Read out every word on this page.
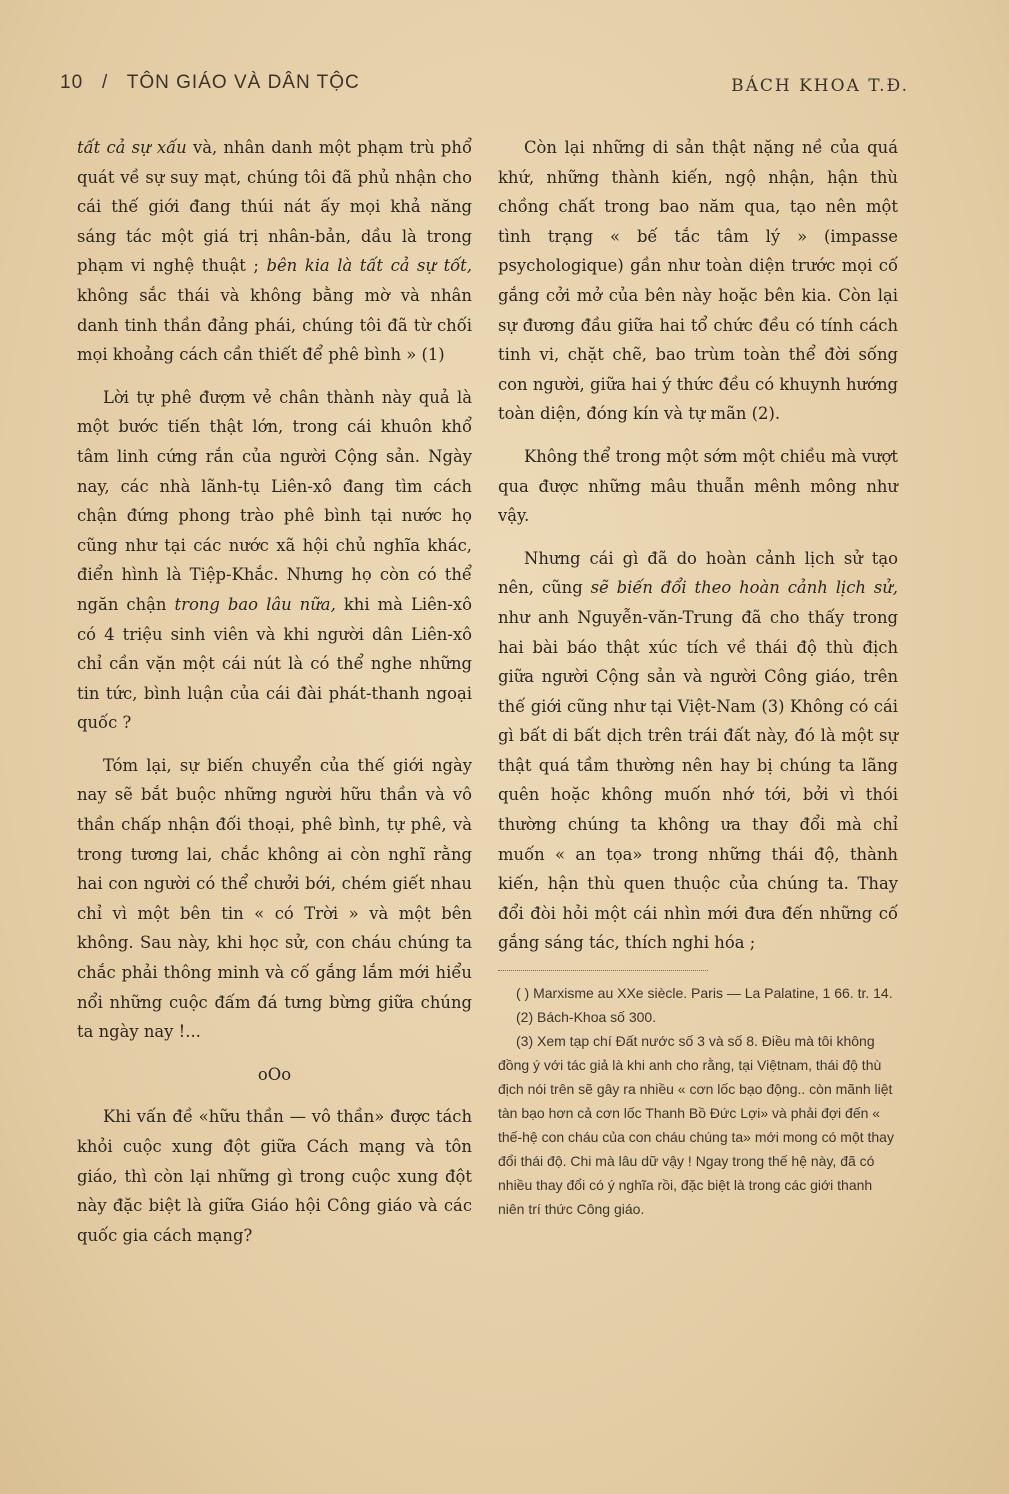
10 / TÔN GIÁO VÀ DÂN TỘC	BÁCH KHOA T.Đ.

tất cả sự xấu và, nhân danh một phạm trù phổ quát về sự suy mạt, chúng tôi đã phủ nhận cho cái thế giới đang thúi nát ấy mọi khả năng sáng tác một giá trị nhân-bản, dầu là trong phạm vi nghệ thuật ; bên kia là tất cả sự tốt, không sắc thái và không bằng mờ và nhân danh tinh thần đảng phái, chúng tôi đã từ chối mọi khoảng cách cần thiết để phê bình » (1)

Lời tự phê đượm vẻ chân thành này quả là một bước tiến thật lớn, trong cái khuôn khổ tâm linh cứng rắn của người Cộng sản. Ngày nay, các nhà lãnh-tụ Liên-xô đang tìm cách chận đứng phong trào phê bình tại nước họ cũng như tại các nước xã hội chủ nghĩa khác, điển hình là Tiệp-Khắc. Nhưng họ còn có thể ngăn chận trong bao lâu nữa, khi mà Liên-xô có 4 triệu sinh viên và khi người dân Liên-xô chỉ cần vặn một cái nút là có thể nghe những tin tức, bình luận của cái đài phát-thanh ngoại quốc ?

Tóm lại, sự biến chuyển của thế giới ngày nay sẽ bắt buộc những người hữu thần và vô thần chấp nhận đối thoại, phê bình, tự phê, và trong tương lai, chắc không ai còn nghĩ rằng hai con người có thể chưởi bới, chém giết nhau chỉ vì một bên tin « có Trời » và một bên không. Sau này, khi học sử, con cháu chúng ta chắc phải thông minh và cố gắng lắm mới hiểu nổi những cuộc đấm đá tưng bừng giữa chúng ta ngày nay !...

oOo

Khi vấn đề «hữu thần — vô thần» được tách khỏi cuộc xung đột giữa Cách mạng và tôn giáo, thì còn lại những gì trong cuộc xung đột này đặc biệt là giữa Giáo hội Công giáo và các quốc gia cách mạng?

Còn lại những di sản thật nặng nề của quá khứ, những thành kiến, ngộ nhận, hận thù chồng chất trong bao năm qua, tạo nên một tình trạng « bế tắc tâm lý » (impasse psychologique) gần như toàn diện trước mọi cố gắng cởi mở của bên này hoặc bên kia. Còn lại sự đương đầu giữa hai tổ chức đều có tính cách tinh vi, chặt chẽ, bao trùm toàn thể đời sống con người, giữa hai ý thức đều có khuynh hướng toàn diện, đóng kín và tự mãn (2).

Không thể trong một sớm một chiều mà vượt qua được những mâu thuẫn mênh mông như vậy.

Nhưng cái gì đã do hoàn cảnh lịch sử tạo nên, cũng sẽ biến đổi theo hoàn cảnh lịch sử, như anh Nguyễn-văn-Trung đã cho thấy trong hai bài báo thật xúc tích về thái độ thù địch giữa người Cộng sản và người Công giáo, trên thế giới cũng như tại Việt-Nam (3) Không có cái gì bất di bất dịch trên trái đất này, đó là một sự thật quá tầm thường nên hay bị chúng ta lãng quên hoặc không muốn nhớ tới, bởi vì thói thường chúng ta không ưa thay đổi mà chỉ muốn « an tọa» trong những thái độ, thành kiến, hận thù quen thuộc của chúng ta. Thay đổi đòi hỏi một cái nhìn mới đưa đến những cố gắng sáng tác, thích nghi hóa ;

( ) Marxisme au XXe siècle. Paris — La Palatine, 1 66. tr. 14.

(2) Bách-Khoa số 300.

(3) Xem tạp chí Đất nước số 3 và số 8. Điều mà tôi không đồng ý với tác giả là khi anh cho rằng, tại Việtnam, thái độ thù địch nói trên sẽ gây ra nhiều « cơn lốc bạo động.. còn mãnh liệt tàn bạo hơn cả cơn lốc Thanh Bồ Đức Lợi» và phải đợi đến « thế-hệ con cháu của con cháu chúng ta» mới mong có một thay đổi thái độ. Chi mà lâu dữ vậy ! Ngay trong thế hệ này, đã có nhiều thay đổi có ý nghĩa rồi, đặc biệt là trong các giới thanh niên trí thức Công giáo.
